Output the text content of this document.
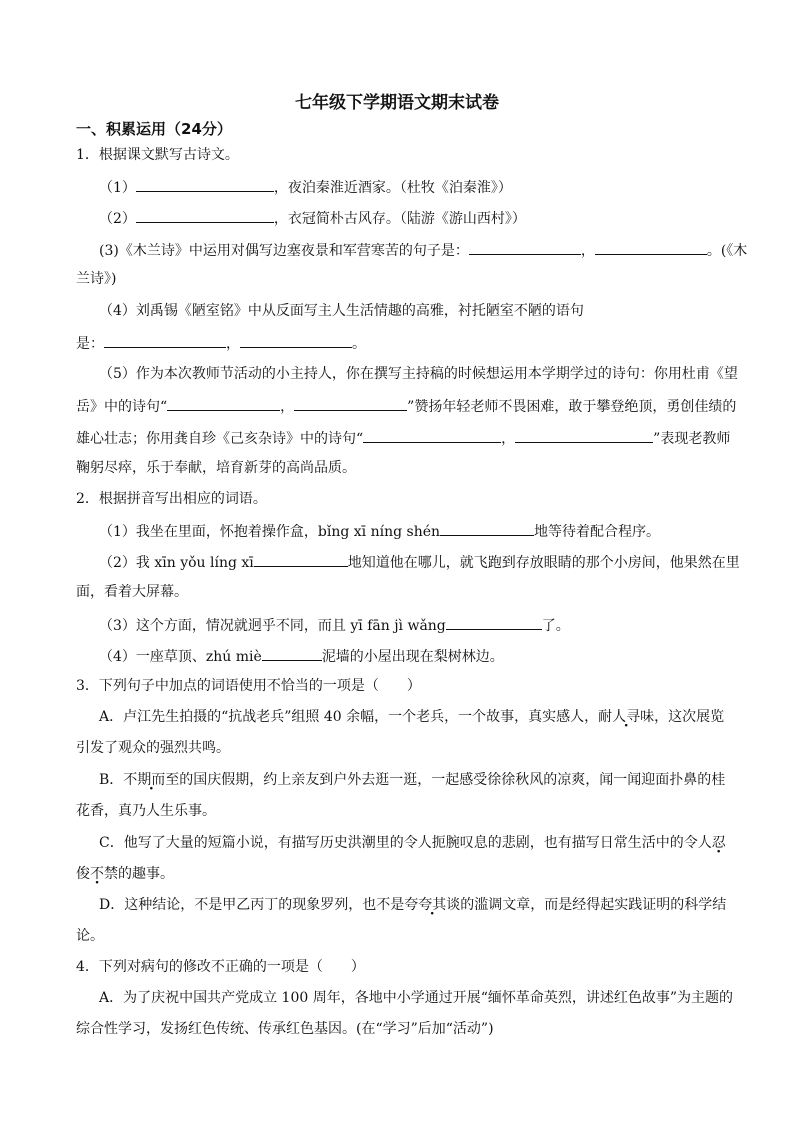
七年级下学期语文期末试卷
一、积累运用（24分）
1．根据课文默写古诗文。
（1）	，夜泊秦淮近酒家。（杜牧《泊秦淮》）
（2）	，衣冠简朴古风存。（陆游《游山西村》）
(3)《木兰诗》中运用对偶写边塞夜景和军营寒苦的句子是：	，	。(《木
兰诗》)
（4）刘禹锡《陋室铭》中从反面写主人生活情趣的高雅，衬托陋室不陋的语句
是：	，	。
（5）作为本次教师节活动的小主持人，你在撰写主持稿的时候想运用本学期学过的诗句：你用杜甫《望
岳》中的诗句“	，	”赞扬年轻老师不畏困难，敢于攀登绝顶，勇创佳绩的
雄心壮志；你用龚自珍《己亥杂诗》中的诗句“	，	”表现老教师
鞠躬尽瘁，乐于奉献，培育新芽的高尚品质。
2．根据拼音写出相应的词语。
（1）我坐在里面，怀抱着操作盒，bǐng xī níng shén	地等待着配合程序。
（2）我 xīn yǒu líng xī	地知道他在哪儿，就飞跑到存放眼睛的那个小房间，他果然在里
面，看着大屏幕。
（3）这个方面，情况就迥乎不同，而且 yī fān jì wǎng	了。
（4）一座草顶、zhú miè	泥墙的小屋出现在梨树林边。
3．下列句子中加点的词语使用不恰当的一项是（　　）
A．卢江先生拍摄的“抗战老兵”组照 40 余幅，一个老兵，一个故事，真实感人，耐人寻味，这次展览
引发了观众的强烈共鸣。
B．不期而至的国庆假期，约上亲友到户外去逛一逛，一起感受徐徐秋风的凉爽，闻一闻迎面扑鼻的桂
花香，真乃人生乐事。
C．他写了大量的短篇小说，有描写历史洪潮里的令人扼腕叹息的悲剧，也有描写日常生活中的令人忍
俊不禁的趣事。
D．这种结论，不是甲乙丙丁的现象罗列，也不是夸夸其谈的滥调文章，而是经得起实践证明的科学结
论。
4．下列对病句的修改不正确的一项是（　　）
A．为了庆祝中国共产党成立 100 周年，各地中小学通过开展“缅怀革命英烈，讲述红色故事”为主题的
综合性学习，发扬红色传统、传承红色基因。(在“学习”后加“活动”)
